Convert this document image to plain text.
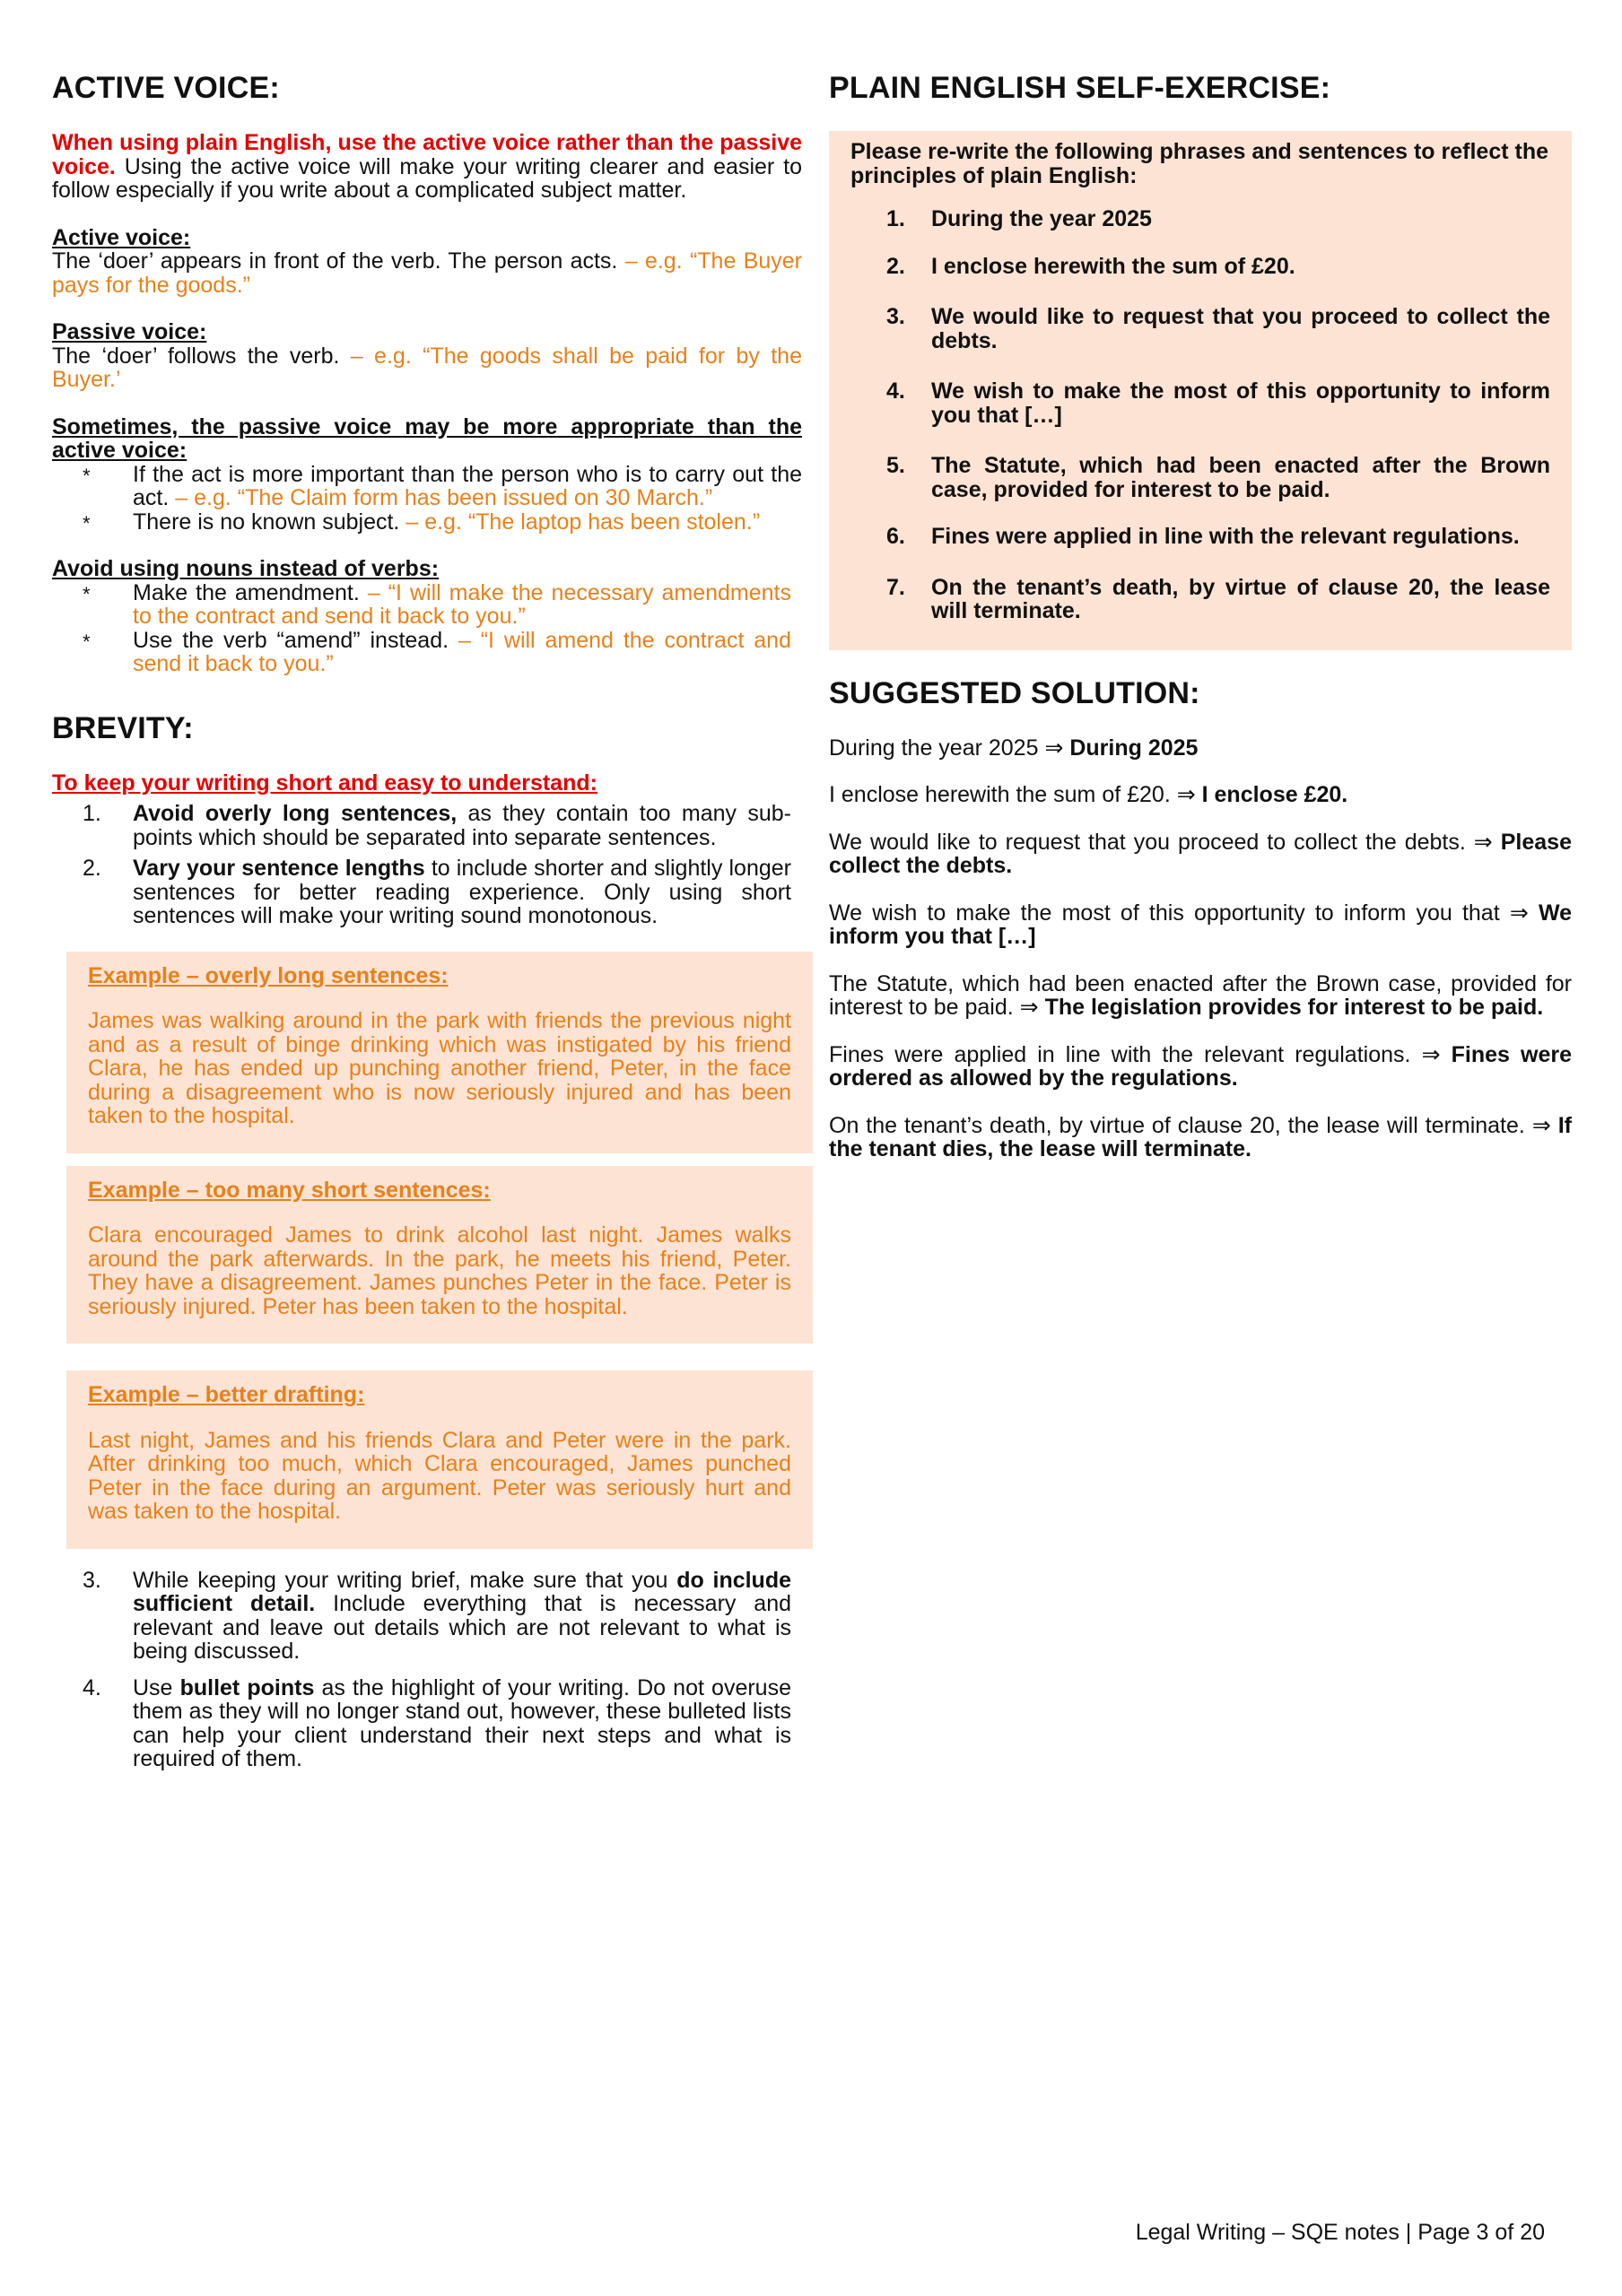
ACTIVE VOICE:

When using plain English, use the active voice rather than the passive voice. Using the active voice will make your writing clearer and easier to follow especially if you write about a complicated subject matter.

Active voice:

The ‘doer’ appears in front of the verb. The person acts. – e.g. “The Buyer pays for the goods.”

Passive voice:

The ‘doer’ follows the verb. – e.g. “The goods shall be paid for by the Buyer.’

Sometimes, the passive voice may be more appropriate than the active voice:

*	If the act is more important than the person who is to carry out the act. – e.g. “The Claim form has been issued on 30 March.”
*	There is no known subject. – e.g. “The laptop has been stolen.”

Avoid using nouns instead of verbs:

*	Make the amendment. – “I will make the necessary amendments to the contract and send it back to you.”
*	Use the verb “amend” instead. – “I will amend the contract and send it back to you.”
BREVITY:

To keep your writing short and easy to understand:

1.	Avoid overly long sentences, as they contain too many sub-points which should be separated into separate sentences.
2.	Vary your sentence lengths to include shorter and slightly longer sentences for better reading experience. Only using short sentences will make your writing sound monotonous.

Example – overly long sentences:

James was walking around in the park with friends the previous night and as a result of binge drinking which was instigated by his friend Clara, he has ended up punching another friend, Peter, in the face during a disagreement who is now seriously injured and has been taken to the hospital.

Example – too many short sentences:

Clara encouraged James to drink alcohol last night. James walks around the park afterwards. In the park, he meets his friend, Peter. They have a disagreement. James punches Peter in the face. Peter is seriously injured. Peter has been taken to the hospital.

Example – better drafting:

Last night, James and his friends Clara and Peter were in the park. After drinking too much, which Clara encouraged, James punched Peter in the face during an argument. Peter was seriously hurt and was taken to the hospital.

3.	While keeping your writing brief, make sure that you do include sufficient detail. Include everything that is necessary and relevant and leave out details which are not relevant to what is being discussed.
4.	Use bullet points as the highlight of your writing. Do not overuse them as they will no longer stand out, however, these bulleted lists can help your client understand their next steps and what is required of them.
PLAIN ENGLISH SELF-EXERCISE:

Please re-write the following phrases and sentences to reflect the principles of plain English:

1.	During the year 2025
2.	I enclose herewith the sum of £20.
3.	We would like to request that you proceed to collect the debts.
4.	We wish to make the most of this opportunity to inform you that […]
5.	The Statute, which had been enacted after the Brown case, provided for interest to be paid.
6.	Fines were applied in line with the relevant regulations.
7.	On the tenant’s death, by virtue of clause 20, the lease will terminate.
SUGGESTED SOLUTION:

During the year 2025 ⇒ During 2025

I enclose herewith the sum of £20. ⇒ I enclose £20.

We would like to request that you proceed to collect the debts. ⇒ Please collect the debts.

We wish to make the most of this opportunity to inform you that ⇒ We inform you that […]

The Statute, which had been enacted after the Brown case, provided for interest to be paid. ⇒ The legislation provides for interest to be paid.

Fines were applied in line with the relevant regulations. ⇒ Fines were ordered as allowed by the regulations.

On the tenant’s death, by virtue of clause 20, the lease will terminate. ⇒ If the tenant dies, the lease will terminate.

Legal Writing – SQE notes | Page 3 of 20
